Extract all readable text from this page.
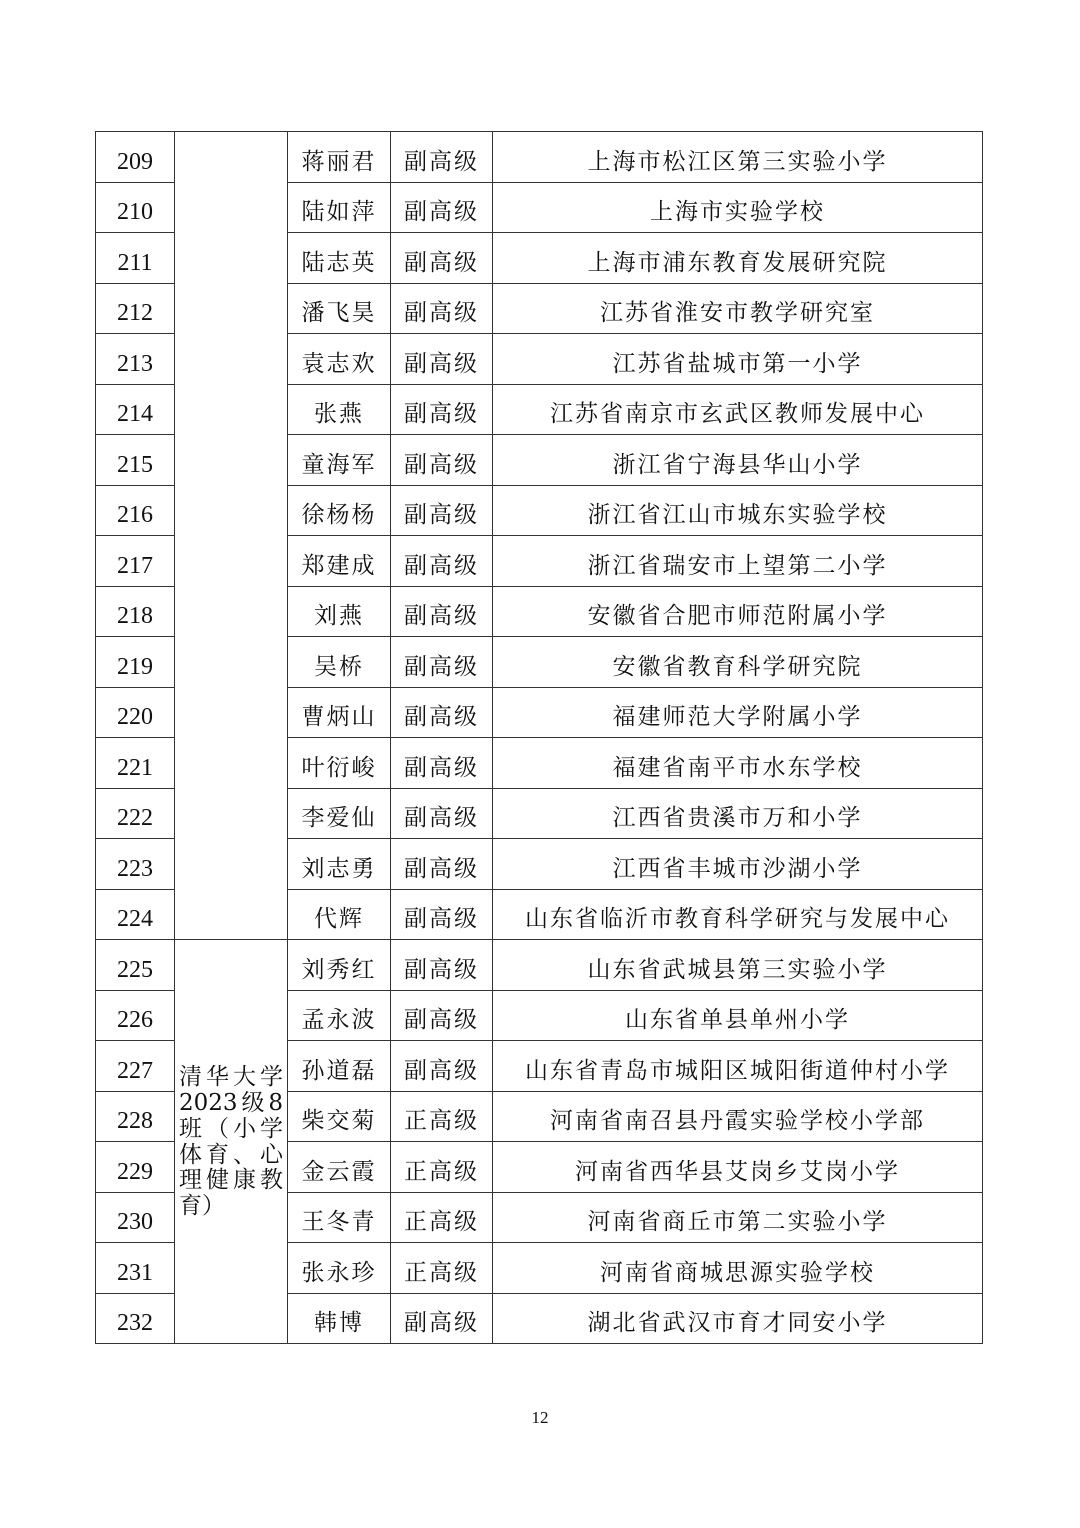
209		蒋丽君	副高级	上海市松江区第三实验小学
210		陆如萍	副高级	上海市实验学校
211		陆志英	副高级	上海市浦东教育发展研究院
212		潘飞昊	副高级	江苏省淮安市教学研究室
213		袁志欢	副高级	江苏省盐城市第一小学
214		张燕	副高级	江苏省南京市玄武区教师发展中心
215		童海军	副高级	浙江省宁海县华山小学
216		徐杨杨	副高级	浙江省江山市城东实验学校
217		郑建成	副高级	浙江省瑞安市上望第二小学
218		刘燕	副高级	安徽省合肥市师范附属小学
219		吴桥	副高级	安徽省教育科学研究院
220		曹炳山	副高级	福建师范大学附属小学
221		叶衍峻	副高级	福建省南平市水东学校
222		李爱仙	副高级	江西省贵溪市万和小学
223		刘志勇	副高级	江西省丰城市沙湖小学
224		代辉	副高级	山东省临沂市教育科学研究与发展中心
225	清华大学2023级8班（小学体育、心理健康教育）	刘秀红	副高级	山东省武城县第三实验小学
226		孟永波	副高级	山东省单县单州小学
227		孙道磊	副高级	山东省青岛市城阳区城阳街道仲村小学
228		柴交菊	正高级	河南省南召县丹霞实验学校小学部
229		金云霞	正高级	河南省西华县艾岗乡艾岗小学
230		王冬青	正高级	河南省商丘市第二实验小学
231		张永珍	正高级	河南省商城思源实验学校
232		韩博	副高级	湖北省武汉市育才同安小学
12
